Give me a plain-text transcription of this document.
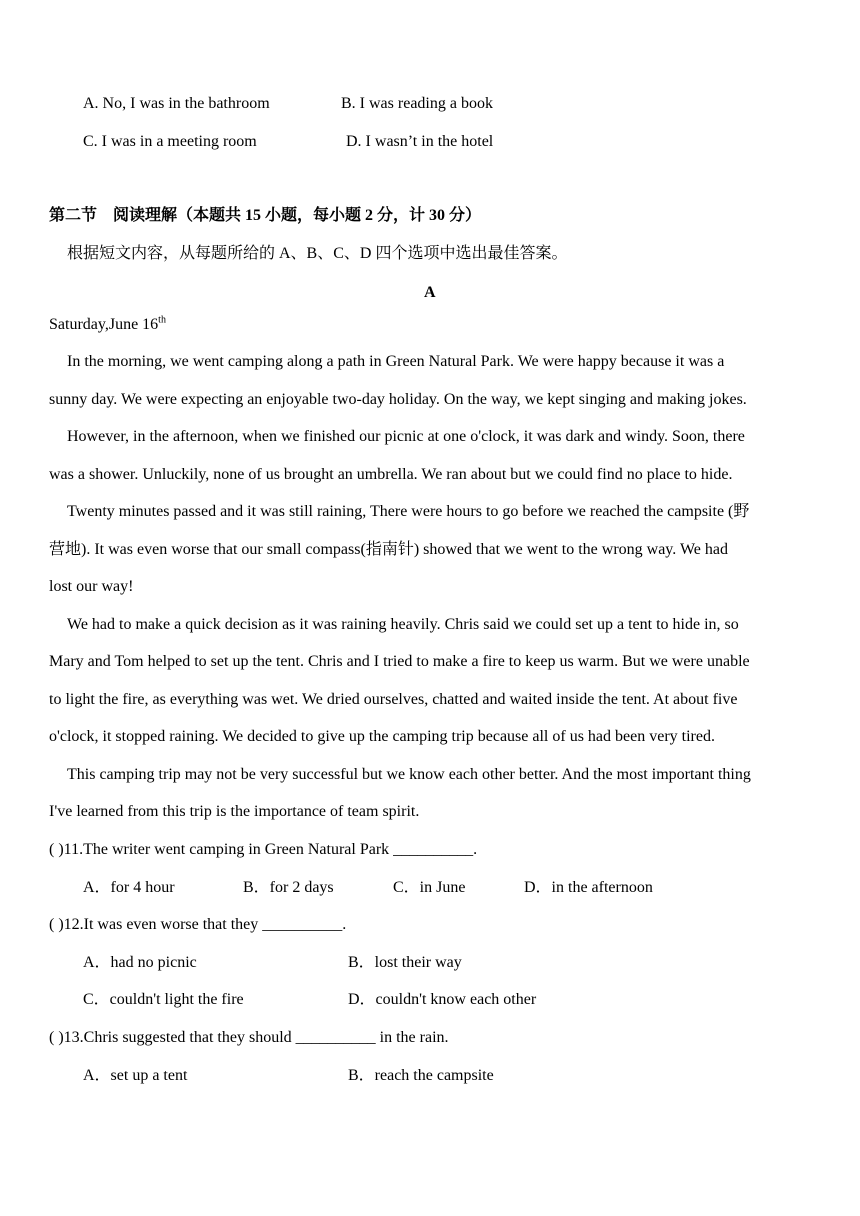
A. No, I was in the bathroom	B. I was reading a book
C. I was in a meeting room	D. I wasn’t in the hotel
第二节　阅读理解（本题共 15 小题，每小题 2 分，计 30 分）
根据短文内容，从每题所给的 A、B、C、D 四个选项中选出最佳答案。
A
Saturday,June 16th
In the morning, we went camping along a path in Green Natural Park. We were happy because it was a
sunny day. We were expecting an enjoyable two-day holiday. On the way, we kept singing and making jokes.
However, in the afternoon, when we finished our picnic at one o'clock, it was dark and windy. Soon, there
was a shower. Unluckily, none of us brought an umbrella. We ran about but we could find no place to hide.
Twenty minutes passed and it was still raining, There were hours to go before we reached the campsite (野
营地). It was even worse that our small compass(指南针) showed that we went to the wrong way. We had
lost our way!
We had to make a quick decision as it was raining heavily. Chris said we could set up a tent to hide in, so
Mary and Tom helped to set up the tent. Chris and I tried to make a fire to keep us warm. But we were unable
to light the fire, as everything was wet. We dried ourselves, chatted and waited inside the tent. At about five
o'clock, it stopped raining. We decided to give up the camping trip because all of us had been very tired.
This camping trip may not be very successful but we know each other better. And the most important thing
I've learned from this trip is the importance of team spirit.
( )11.The writer went camping in Green Natural Park __________.
A．for 4 hour	B．for 2 days	C．in June	D．in the afternoon
( )12.It was even worse that they __________.
A．had no picnic	B．lost their way
C．couldn't light the fire	D．couldn't know each other
( )13.Chris suggested that they should __________ in the rain.
A．set up a tent	B．reach the campsite
